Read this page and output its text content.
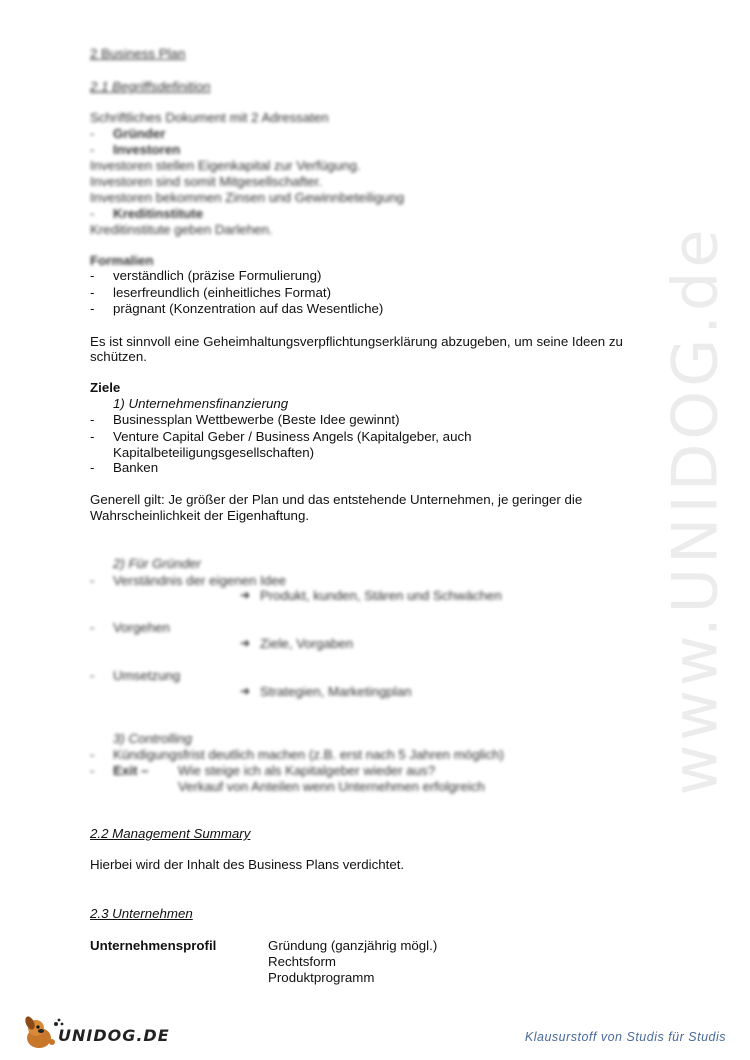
www.UNIDOG.de
2 Business Plan
2.1 Begriffsdefinition
Schriftliches Dokument mit 2 Adressaten
- Gründer
- Investoren
Investoren stellen Eigenkapital zur Verfügung.
Investoren sind somit Mitgesellschafter.
Investoren bekommen Zinsen und Gewinnbeteiligung
- Kreditinstitute
Kreditinstitute geben Darlehen.
Formalien
- verständlich (präzise Formulierung)
- leserfreundlich (einheitliches Format)
- prägnant (Konzentration auf das Wesentliche)
Es ist sinnvoll eine Geheimhaltungsverpflichtungserklärung abzugeben, um seine Ideen zu
schützen.
Ziele
1) Unternehmensfinanzierung
- Businessplan Wettbewerbe (Beste Idee gewinnt)
- Venture Capital Geber / Business Angels (Kapitalgeber, auch
Kapitalbeteiligungsgesellschaften)
- Banken
Generell gilt: Je größer der Plan und das entstehende Unternehmen, je geringer die
Wahrscheinlichkeit der Eigenhaftung.
2) Für Gründer
- Verständnis der eigenen Idee
➜ Produkt, kunden, Stären und Schwächen
- Vorgehen
➜ Ziele, Vorgaben
- Umsetzung
➜ Strategien, Marketingplan
3) Controlling
- Kündigungsfrist deutlich machen (z.B. erst nach 5 Jahren möglich)
- Exit – Wie steige ich als Kapitalgeber wieder aus?
Verkauf von Anteilen wenn Unternehmen erfolgreich
2.2 Management Summary
Hierbei wird der Inhalt des Business Plans verdichtet.
2.3 Unternehmen
Unternehmensprofil	Gründung (ganzjährig mögl.)
Rechtsform
Produktprogramm
UNIDOG.DE	Klausurstoff von Studis für Studis
